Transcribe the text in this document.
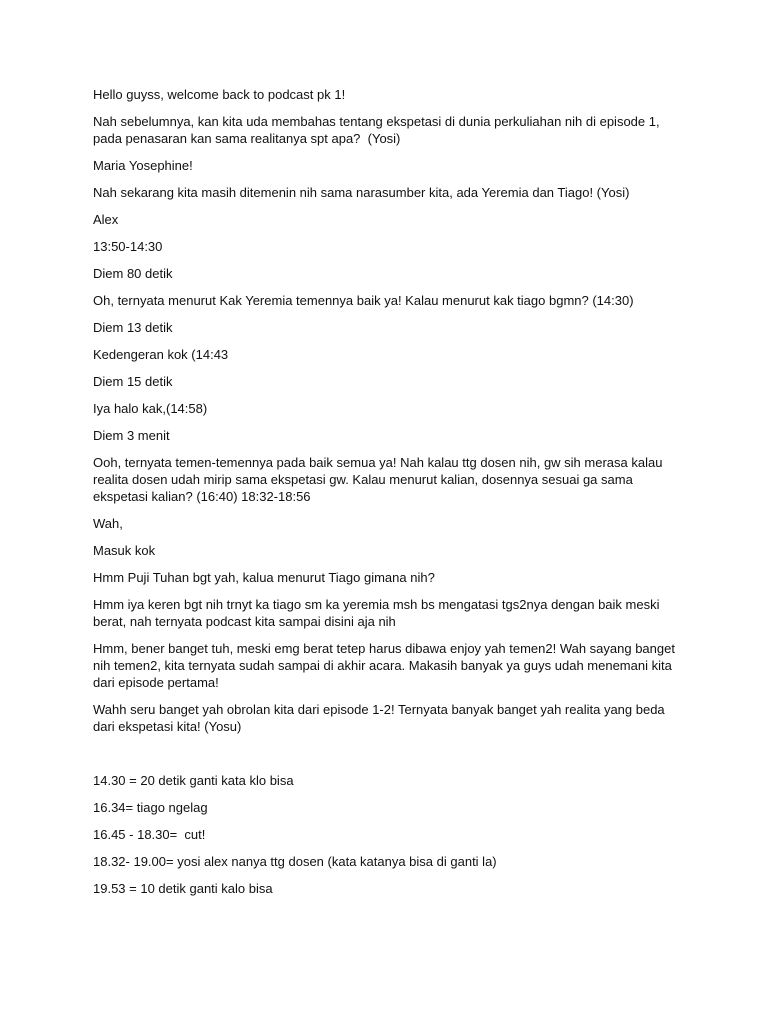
Hello guyss, welcome back to podcast pk 1!

Nah sebelumnya, kan kita uda membahas tentang ekspetasi di dunia perkuliahan nih di episode 1, pada penasaran kan sama realitanya spt apa?  (Yosi)

Maria Yosephine!

Nah sekarang kita masih ditemenin nih sama narasumber kita, ada Yeremia dan Tiago! (Yosi)

Alex

13:50-14:30

Diem 80 detik

Oh, ternyata menurut Kak Yeremia temennya baik ya! Kalau menurut kak tiago bgmn? (14:30)

Diem 13 detik

Kedengeran kok (14:43

Diem 15 detik

Iya halo kak,(14:58)

Diem 3 menit

Ooh, ternyata temen-temennya pada baik semua ya! Nah kalau ttg dosen nih, gw sih merasa kalau realita dosen udah mirip sama ekspetasi gw. Kalau menurut kalian, dosennya sesuai ga sama ekspetasi kalian? (16:40) 18:32-18:56

Wah,

Masuk kok

Hmm Puji Tuhan bgt yah, kalua menurut Tiago gimana nih?

Hmm iya keren bgt nih trnyt ka tiago sm ka yeremia msh bs mengatasi tgs2nya dengan baik meski berat, nah ternyata podcast kita sampai disini aja nih

Hmm, bener banget tuh, meski emg berat tetep harus dibawa enjoy yah temen2! Wah sayang banget nih temen2, kita ternyata sudah sampai di akhir acara. Makasih banyak ya guys udah menemani kita dari episode pertama!

Wahh seru banget yah obrolan kita dari episode 1-2! Ternyata banyak banget yah realita yang beda dari ekspetasi kita! (Yosu)

14.30 = 20 detik ganti kata klo bisa

16.34= tiago ngelag

16.45 - 18.30=  cut!

18.32- 19.00= yosi alex nanya ttg dosen (kata katanya bisa di ganti la)

19.53 = 10 detik ganti kalo bisa
